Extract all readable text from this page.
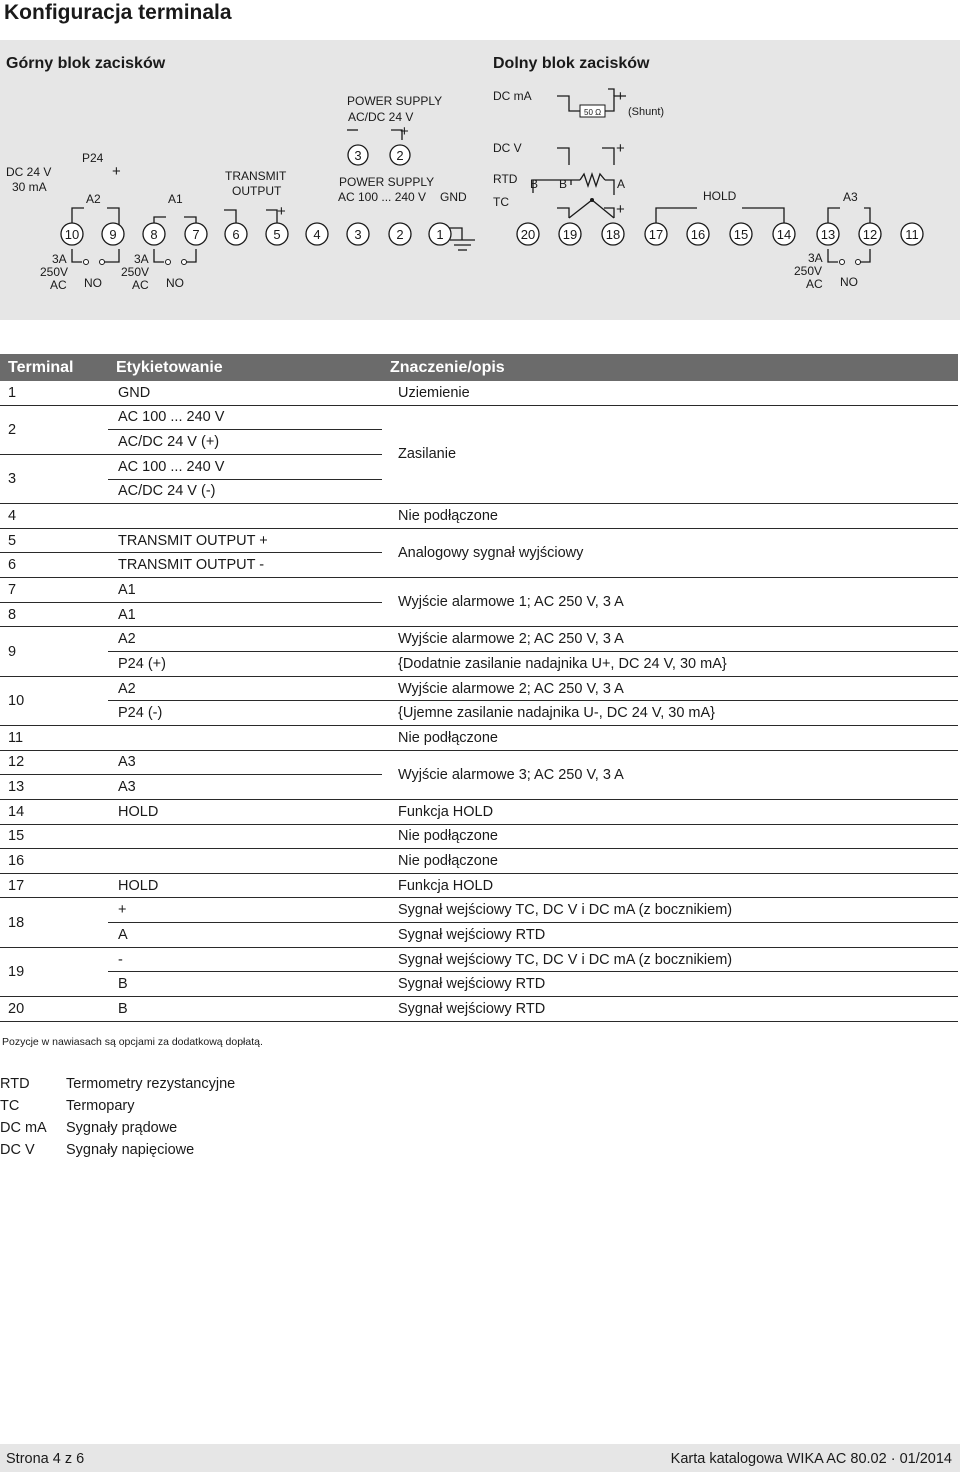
Konfiguracja terminala
10 9	8	7	6	5	4	3	2	1	20 19 18 17 16 15 14 13 12 11
3	2
Górny blok zacisków	Dolny blok zacisków
DC 24 V
30 mA
P24
A2	A1
TRANSMIT
OUTPUT
POWER SUPPLY
AC/DC 24 V
POWER SUPPLY
AC 100 ... 240 V GND
DC mA
DC V
RTD
TC
(Shunt)
50 Ω
B B	A
HOLD	A3
3A
250V
AC NO
3A
250V
AC NO
3A
250V
AC NO
+
+
+
+
+
+
Terminal	Etykietowanie	Znaczenie/opis
1	GND	Uziemienie
2	AC 100 ... 240 V	Zasilanie
	AC/DC 24 V (+)	
3	AC 100 ... 240 V	
	AC/DC 24 V (-)	
4		Nie podłączone
5	TRANSMIT OUTPUT +	Analogowy sygnał wyjściowy
6	TRANSMIT OUTPUT -	
7	A1	Wyjście alarmowe 1; AC 250 V, 3 A
8	A1	
9	A2	Wyjście alarmowe 2; AC 250 V, 3 A
	P24 (+)	{Dodatnie zasilanie nadajnika U+, DC 24 V, 30 mA}
10	A2	Wyjście alarmowe 2; AC 250 V, 3 A
	P24 (-)	{Ujemne zasilanie nadajnika U-, DC 24 V, 30 mA}
11		Nie podłączone
12	A3	Wyjście alarmowe 3; AC 250 V, 3 A
13	A3	
14	HOLD	Funkcja HOLD
15		Nie podłączone
16		Nie podłączone
17	HOLD	Funkcja HOLD
18	+	Sygnał wejściowy TC, DC V i DC mA (z bocznikiem)
	A	Sygnał wejściowy RTD
19	-	Sygnał wejściowy TC, DC V i DC mA (z bocznikiem)
	B	Sygnał wejściowy RTD
20	B	Sygnał wejściowy RTD
Pozycje w nawiasach są opcjami za dodatkową dopłatą.
RTD	Termometry rezystancyjne
TC	Termopary
DC mA	Sygnały prądowe
DC V	Sygnały napięciowe
Strona 4 z 6	Karta katalogowa WIKA AC 80.02 · 01/2014
